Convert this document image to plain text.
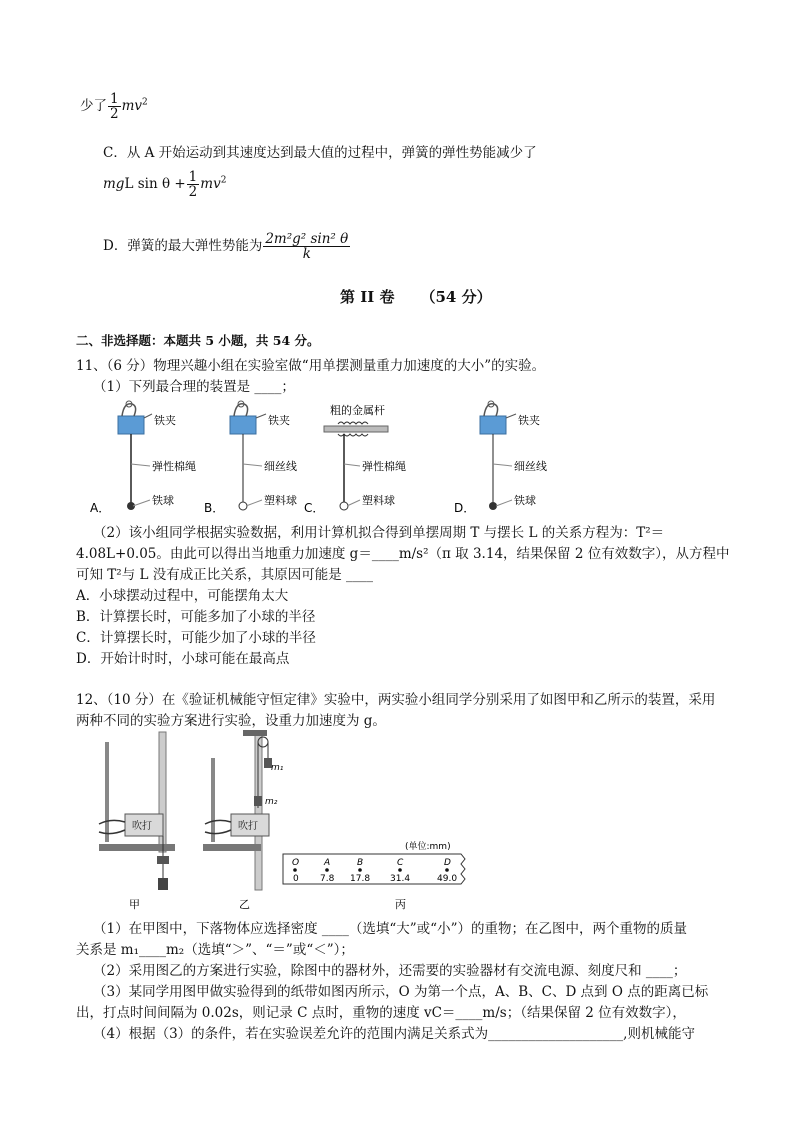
少了 $\frac{1}{2} mv^2$
C．从 A 开始运动到其速度达到最大值的过程中，弹簧的弹性势能减少了
mgL $\sin \theta + \frac{1}{2} mv^2$
D．弹簧的最大弹性势能为 $\frac{\text{2m²g² sin² θ}}{k}$
第 II 卷 （54 分）
二、非选择题：本题共 5 小题，共 54 分。
11、（6 分）物理兴趣小组在实验室做“用单摆测量重力加速度的大小”的实验。
（1）下列最合理的装置是 ____；
铁夹
弹性棉绳
铁球
A．
铁夹
细丝线
塑料球
B．
粗的金属杆
弹性棉绳
塑料球
C．
铁夹
细丝线
铁球
D．
（2）该小组同学根据实验数据，利用计算机拟合得到单摆周期 T 与摆长 L 的关系方程为：T²＝
4.08L+0.05。由此可以得出当地重力加速度 g＝____m/s²（π 取 3.14，结果保留 2 位有效数字），从方程中
可知 T²与 L 没有成正比关系，其原因可能是 ____
A．小球摆动过程中，可能摆角太大
B．计算摆长时，可能多加了小球的半径
C．计算摆长时，可能少加了小球的半径
D．开始计时时，小球可能在最高点
12、（10 分）在《验证机械能守恒定律》实验中，两实验小组同学分别采用了如图甲和乙所示的装置，采用
两种不同的实验方案进行实验，设重力加速度为 g。
吹打
甲
吹打
m₁
m₂
乙
(单位:mm)
O	A	B	C	D
0 7.8 17.8 31.4	49.0
丙
（1）在甲图中，下落物体应选择密度 ____（选填“大”或“小”）的重物；在乙图中，两个重物的质量
关系是 m₁____m₂（选填“＞”、“＝”或“＜”）；
（2）采用图乙的方案进行实验，除图中的器材外，还需要的实验器材有交流电源、刻度尺和 ____；
（3）某同学用图甲做实验得到的纸带如图丙所示，O 为第一个点，A、B、C、D 点到 O 点的距离已标
出，打点时间间隔为 0.02s，则记录 C 点时，重物的速度 vC＝____m/s；（结果保留 2 位有效数字），
（4）根据（3）的条件，若在实验误差允许的范围内满足关系式为____________________,则机械能守
